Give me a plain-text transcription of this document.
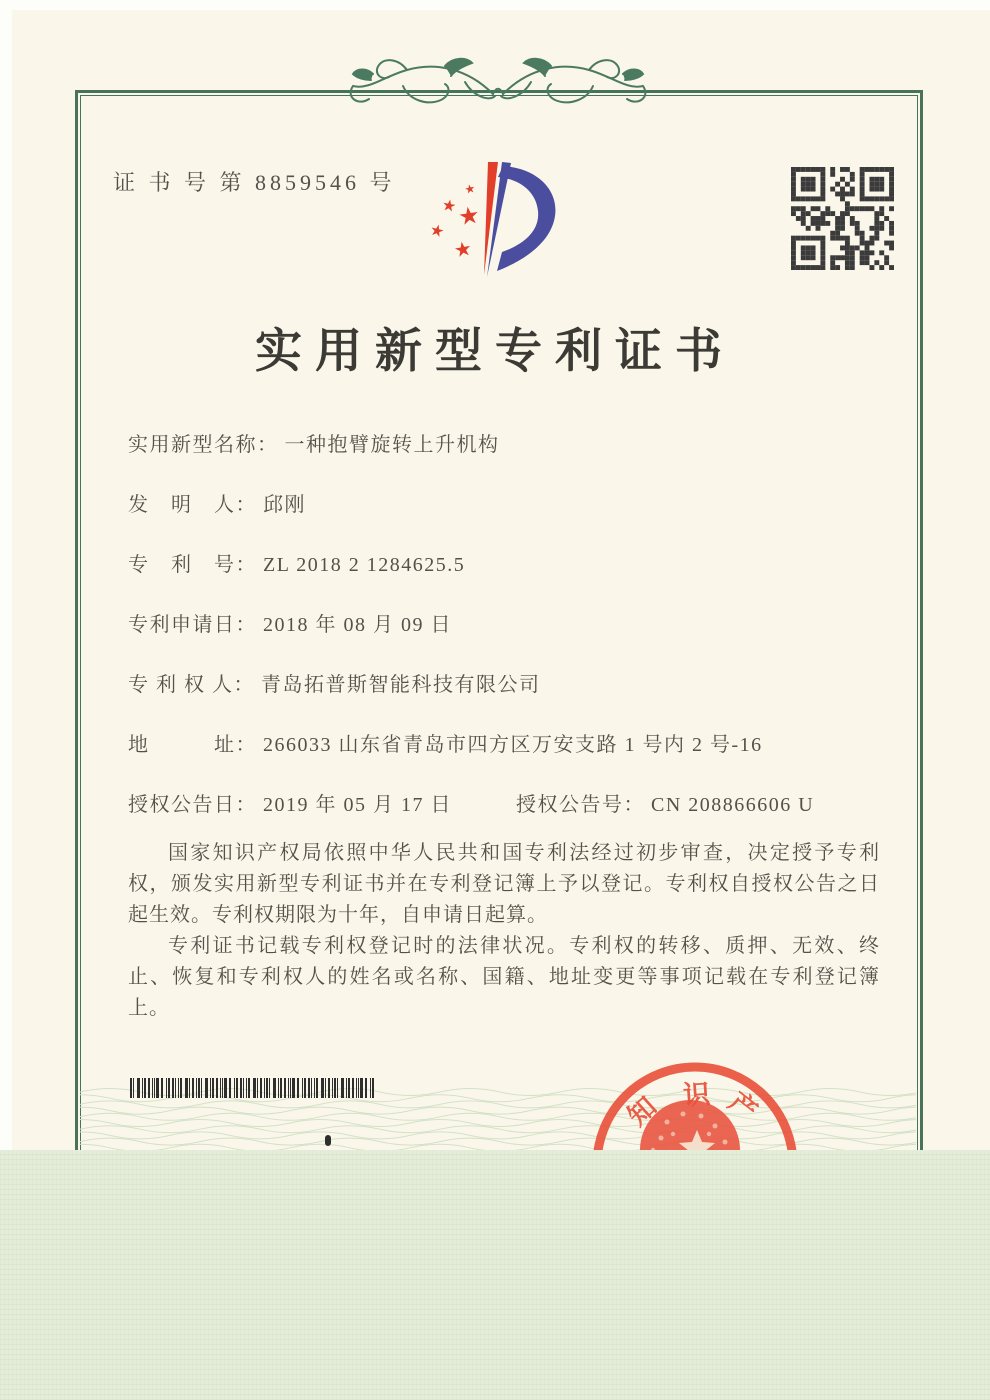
证 书 号 第 8859546 号	★
★
★
★
★
实用新型专利证书
实用新型名称： 一种抱臂旋转上升机构
发　明　人： 邱刚
专　利　号： ZL 2018 2 1284625.5
专利申请日： 2018 年 08 月 09 日
专 利 权 人： 青岛拓普斯智能科技有限公司
地　　　址： 266033 山东省青岛市四方区万安支路 1 号内 2 号-16
授权公告日： 2019 年 05 月 17 日	授权公告号： CN 208866606 U

国家知识产权局依照中华人民共和国专利法经过初步审查，决定授予专利权，颁发实用新型专利证书并在专利登记簿上予以登记。专利权自授权公告之日起生效。专利权期限为十年，自申请日起算。

专利证书记载专利权登记时的法律状况。专利权的转移、质押、无效、终止、恢复和专利权人的姓名或名称、国籍、地址变更等事项记载在专利登记簿上。

知 识 产
